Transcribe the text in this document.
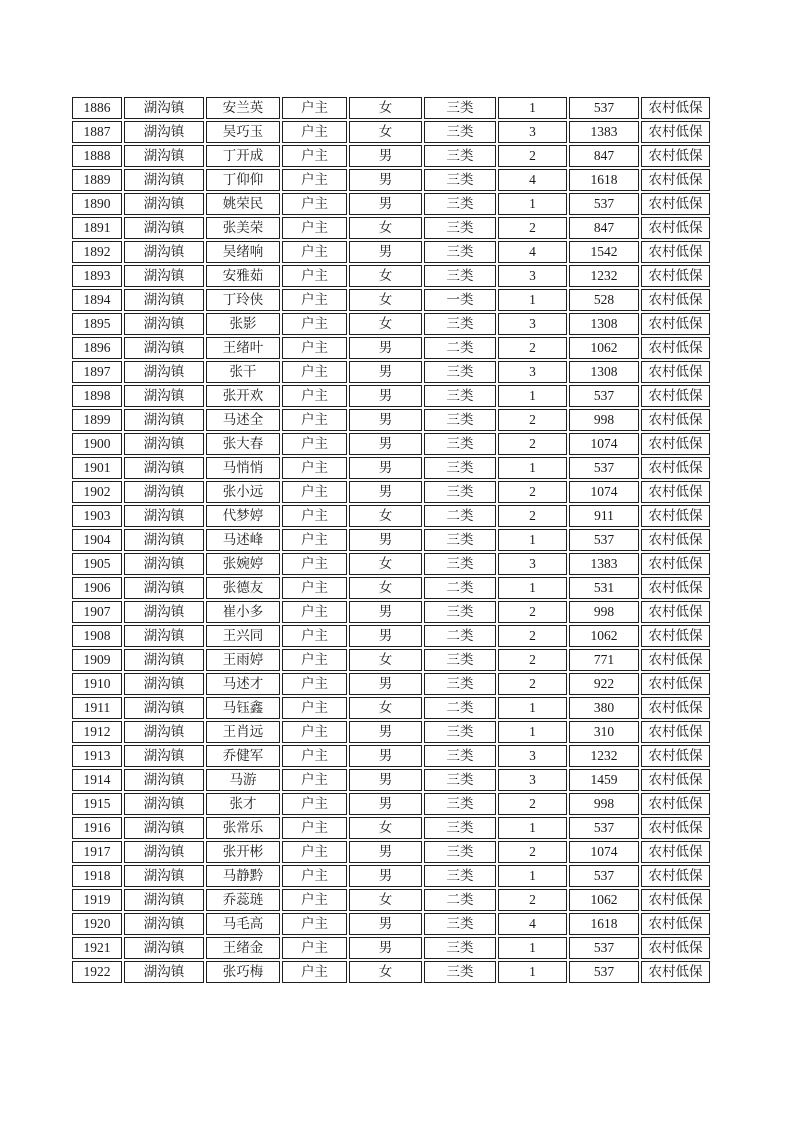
1886	湖沟镇	安兰英	户主	女	三类	1	537	农村低保
1887	湖沟镇	吴巧玉	户主	女	三类	3	1383	农村低保
1888	湖沟镇	丁开成	户主	男	三类	2	847	农村低保
1889	湖沟镇	丁仰仰	户主	男	三类	4	1618	农村低保
1890	湖沟镇	姚荣民	户主	男	三类	1	537	农村低保
1891	湖沟镇	张美荣	户主	女	三类	2	847	农村低保
1892	湖沟镇	吴绪响	户主	男	三类	4	1542	农村低保
1893	湖沟镇	安雅茹	户主	女	三类	3	1232	农村低保
1894	湖沟镇	丁玲侠	户主	女	一类	1	528	农村低保
1895	湖沟镇	张影	户主	女	三类	3	1308	农村低保
1896	湖沟镇	王绪叶	户主	男	二类	2	1062	农村低保
1897	湖沟镇	张干	户主	男	三类	3	1308	农村低保
1898	湖沟镇	张开欢	户主	男	三类	1	537	农村低保
1899	湖沟镇	马述全	户主	男	三类	2	998	农村低保
1900	湖沟镇	张大春	户主	男	三类	2	1074	农村低保
1901	湖沟镇	马悄悄	户主	男	三类	1	537	农村低保
1902	湖沟镇	张小远	户主	男	三类	2	1074	农村低保
1903	湖沟镇	代梦婷	户主	女	二类	2	911	农村低保
1904	湖沟镇	马述峰	户主	男	三类	1	537	农村低保
1905	湖沟镇	张婉婷	户主	女	三类	3	1383	农村低保
1906	湖沟镇	张德友	户主	女	二类	1	531	农村低保
1907	湖沟镇	崔小多	户主	男	三类	2	998	农村低保
1908	湖沟镇	王兴同	户主	男	二类	2	1062	农村低保
1909	湖沟镇	王雨婷	户主	女	三类	2	771	农村低保
1910	湖沟镇	马述才	户主	男	三类	2	922	农村低保
1911	湖沟镇	马钰鑫	户主	女	二类	1	380	农村低保
1912	湖沟镇	王肖远	户主	男	三类	1	310	农村低保
1913	湖沟镇	乔健军	户主	男	三类	3	1232	农村低保
1914	湖沟镇	马游	户主	男	三类	3	1459	农村低保
1915	湖沟镇	张才	户主	男	三类	2	998	农村低保
1916	湖沟镇	张常乐	户主	女	三类	1	537	农村低保
1917	湖沟镇	张开彬	户主	男	三类	2	1074	农村低保
1918	湖沟镇	马静黔	户主	男	三类	1	537	农村低保
1919	湖沟镇	乔蕊琏	户主	女	二类	2	1062	农村低保
1920	湖沟镇	马毛高	户主	男	三类	4	1618	农村低保
1921	湖沟镇	王绪金	户主	男	三类	1	537	农村低保
1922	湖沟镇	张巧梅	户主	女	三类	1	537	农村低保
